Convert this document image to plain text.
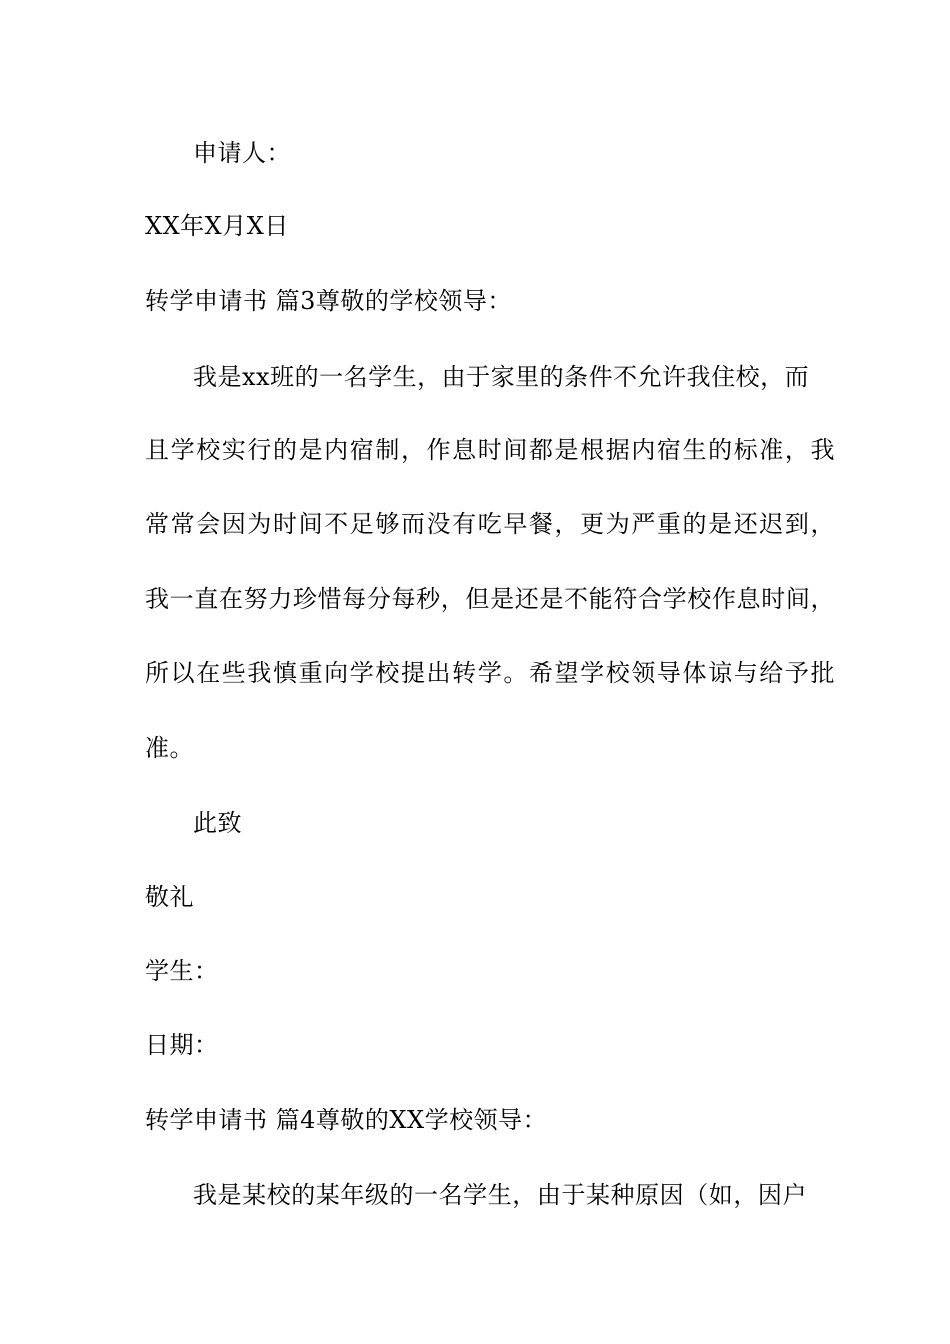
申请人：
XX年X月X日
转学申请书 篇3尊敬的学校领导：
我是xx班的一名学生，由于家里的条件不允许我住校，而
且学校实行的是内宿制，作息时间都是根据内宿生的标准，我
常常会因为时间不足够而没有吃早餐，更为严重的是还迟到，
我一直在努力珍惜每分每秒，但是还是不能符合学校作息时间，
所以在些我慎重向学校提出转学。希望学校领导体谅与给予批
准。
此致
敬礼
学生：
日期：
转学申请书 篇4尊敬的XX学校领导：
我是某校的某年级的一名学生，由于某种原因（如，因户
